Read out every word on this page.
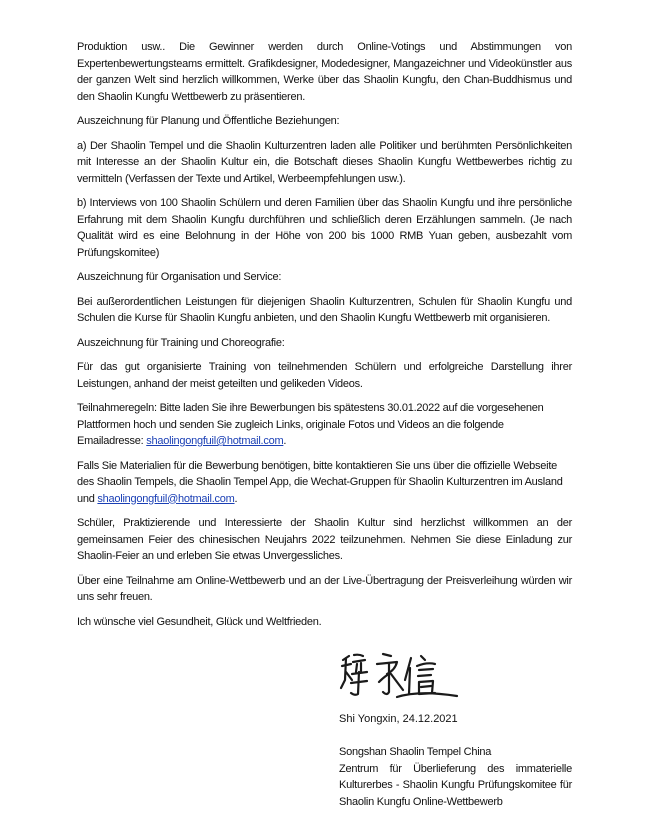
Produktion usw.. Die Gewinner werden durch Online-Votings und Abstimmungen von Expertenbewertungsteams ermittelt. Grafikdesigner, Modedesigner, Mangazeichner und Videokünstler aus der ganzen Welt sind herzlich willkommen, Werke über das Shaolin Kungfu, den Chan-Buddhismus und den Shaolin Kungfu Wettbewerb zu präsentieren.

Auszeichnung für Planung und Öffentliche Beziehungen:

a) Der Shaolin Tempel und die Shaolin Kulturzentren laden alle Politiker und berühmten Persönlichkeiten mit Interesse an der Shaolin Kultur ein, die Botschaft dieses Shaolin Kungfu Wettbewerbes richtig zu vermitteln (Verfassen der Texte und Artikel, Werbeempfehlungen usw.).

b) Interviews von 100 Shaolin Schülern und deren Familien über das Shaolin Kungfu und ihre persönliche Erfahrung mit dem Shaolin Kungfu durchführen und schließlich deren Erzählungen sammeln. (Je nach Qualität wird es eine Belohnung in der Höhe von 200 bis 1000 RMB Yuan geben, ausbezahlt vom Prüfungskomitee)

Auszeichnung für Organisation und Service:

Bei außerordentlichen Leistungen für diejenigen Shaolin Kulturzentren, Schulen für Shaolin Kungfu und Schulen die Kurse für Shaolin Kungfu anbieten, und den Shaolin Kungfu Wettbewerb mit organisieren.

Auszeichnung für Training und Choreografie:

Für das gut organisierte Training von teilnehmenden Schülern und erfolgreiche Darstellung ihrer Leistungen, anhand der meist geteilten und gelikeden Videos.

Teilnahmeregeln: Bitte laden Sie ihre Bewerbungen bis spätestens 30.01.2022 auf die vorgesehenen Plattformen hoch und senden Sie zugleich Links, originale Fotos und Videos an die folgende Emailadresse: shaolingongfuil@hotmail.com.

Falls Sie Materialien für die Bewerbung benötigen, bitte kontaktieren Sie uns über die offizielle Webseite des Shaolin Tempels, die Shaolin Tempel App, die Wechat-Gruppen für Shaolin Kulturzentren im Ausland und shaolingongfuil@hotmail.com.

Schüler, Praktizierende und Interessierte der Shaolin Kultur sind herzlichst willkommen an der gemeinsamen Feier des chinesischen Neujahrs 2022 teilzunehmen. Nehmen Sie diese Einladung zur Shaolin-Feier an und erleben Sie etwas Unvergessliches.

Über eine Teilnahme am Online-Wettbewerb und an der Live-Übertragung der Preisverleihung würden wir uns sehr freuen.

Ich wünsche viel Gesundheit, Glück und Weltfrieden.

Shi Yongxin, 24.12.2021
Songshan Shaolin Tempel China
Zentrum für Überlieferung des immaterielle Kulturerbes - Shaolin Kungfu Prüfungskomitee für Shaolin Kungfu Online-Wettbewerb
